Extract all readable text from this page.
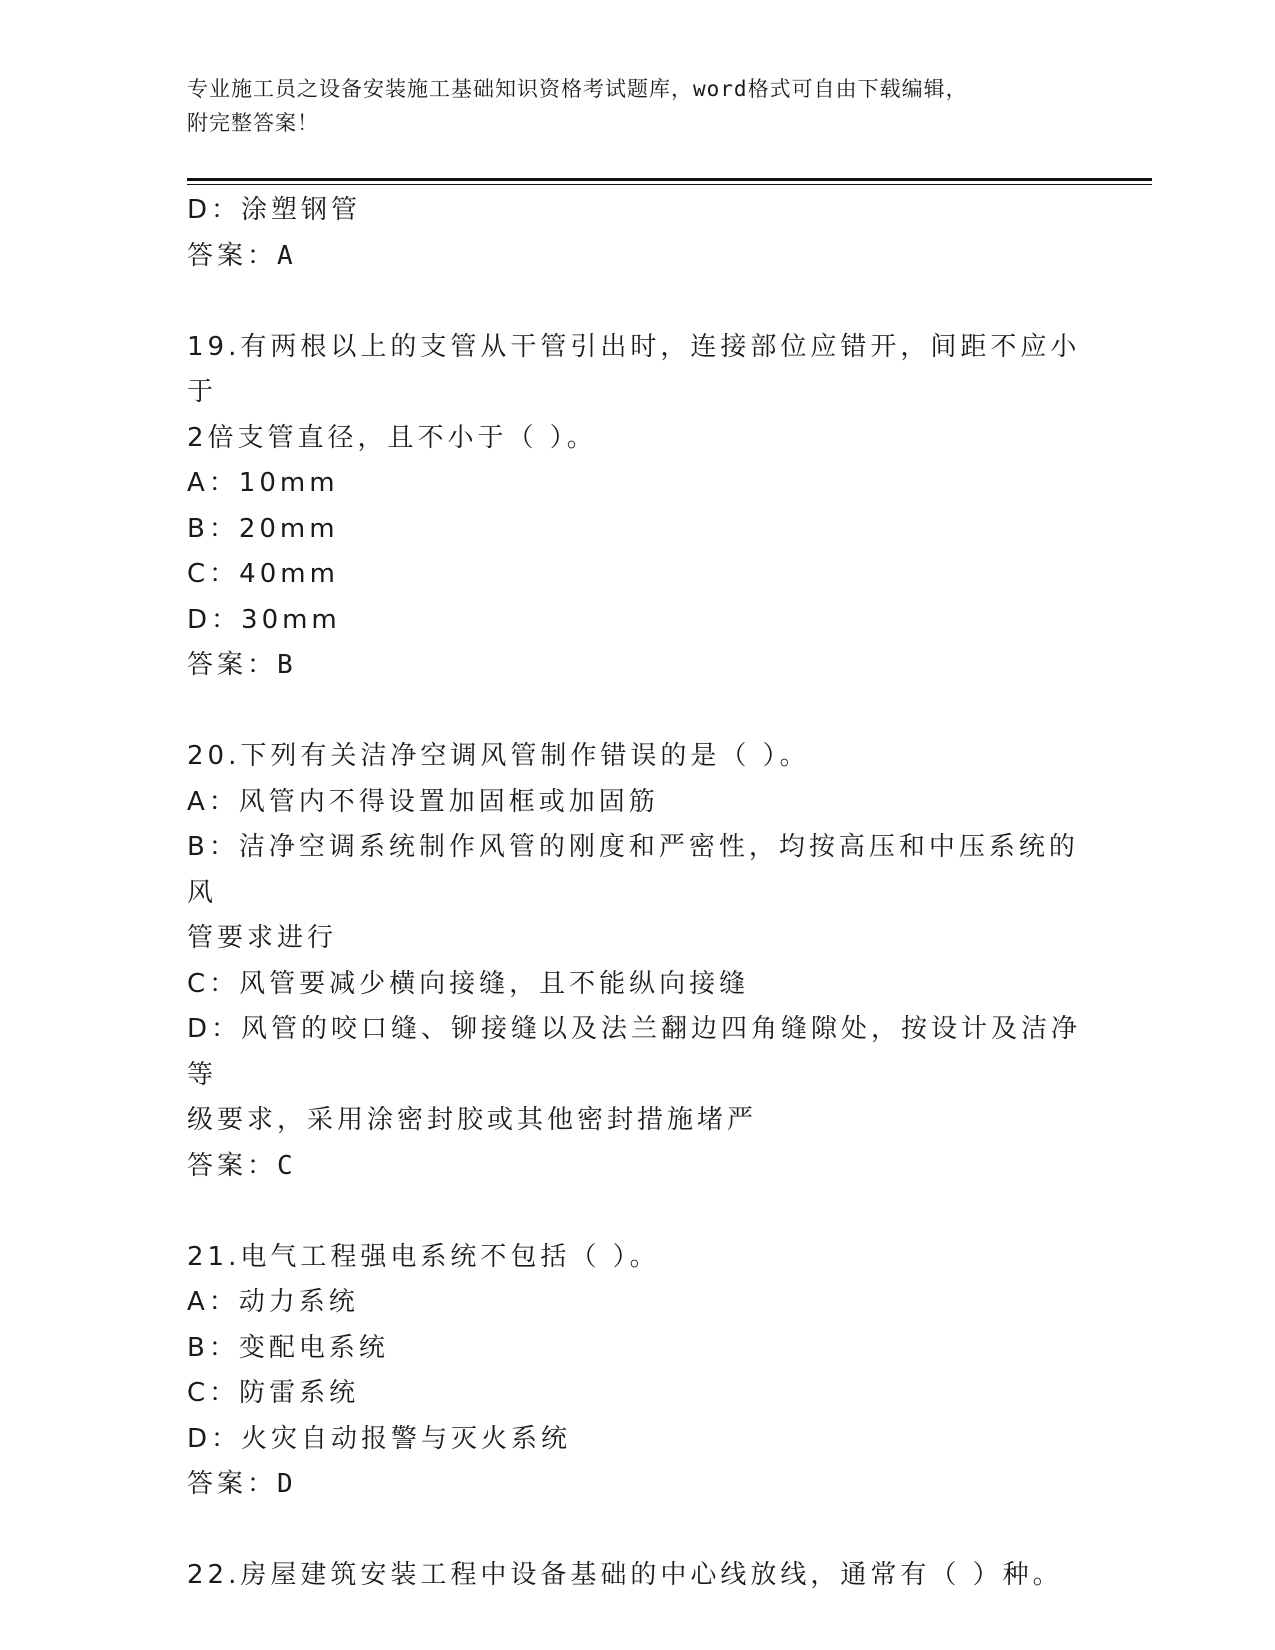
专业施工员之设备安装施工基础知识资格考试题库，word格式可自由下载编辑，
附完整答案！
D：涂塑钢管
答案：A
19.有两根以上的支管从干管引出时，连接部位应错开，间距不应小于
2倍支管直径，且不小于（ ）。
A：10mm
B：20mm
C：40mm
D：30mm
答案：B
20.下列有关洁净空调风管制作错误的是（ ）。
A：风管内不得设置加固框或加固筋
B：洁净空调系统制作风管的刚度和严密性，均按高压和中压系统的风
管要求进行
C：风管要减少横向接缝，且不能纵向接缝
D：风管的咬口缝、铆接缝以及法兰翻边四角缝隙处，按设计及洁净等
级要求，采用涂密封胶或其他密封措施堵严
答案：C
21.电气工程强电系统不包括（ ）。
A：动力系统
B：变配电系统
C：防雷系统
D：火灾自动报警与灭火系统
答案：D
22.房屋建筑安装工程中设备基础的中心线放线，通常有（ ）种。
